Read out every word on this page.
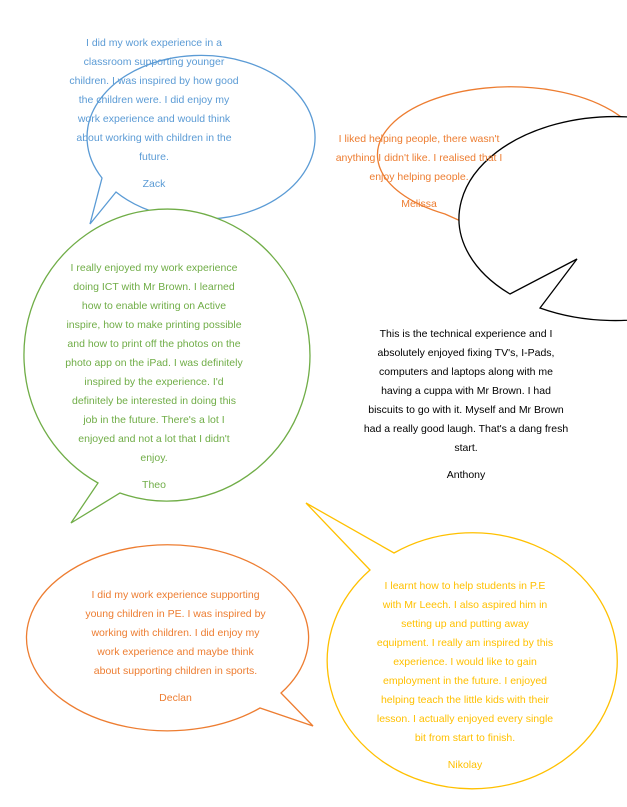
I did my work experience in a
classroom supporting younger
children. I was inspired by how good
the children were. I did enjoy my
work experience and would think
about working with children in the
future.

Zack

I liked helping people, there wasn't
anything I didn't like. I realised that I
enjoy helping people.

Melissa

I really enjoyed my work experience
doing ICT with Mr Brown. I learned
how to enable writing on Active
inspire, how to make printing possible
and how to print off the photos on the
photo app on the iPad. I was definitely
inspired by the experience. I'd
definitely be interested in doing this
job in the future. There's a lot I
enjoyed and not a lot that I didn't
enjoy.

Theo

This is the technical experience and I
absolutely enjoyed fixing TV's, I-Pads,
computers and laptops along with me
having a cuppa with Mr Brown. I had
biscuits to go with it. Myself and Mr Brown
had a really good laugh. That's a dang fresh
start.

Anthony

I did my work experience supporting
young children in PE. I was inspired by
working with children. I did enjoy my
work experience and maybe think
about supporting children in sports.

Declan

I learnt how to help students in P.E
with Mr Leech. I also aspired him in
setting up and putting away
equipment. I really am inspired by this
experience. I would like to gain
employment in the future. I enjoyed
helping teach the little kids with their
lesson. I actually enjoyed every single
bit from start to finish.

Nikolay
